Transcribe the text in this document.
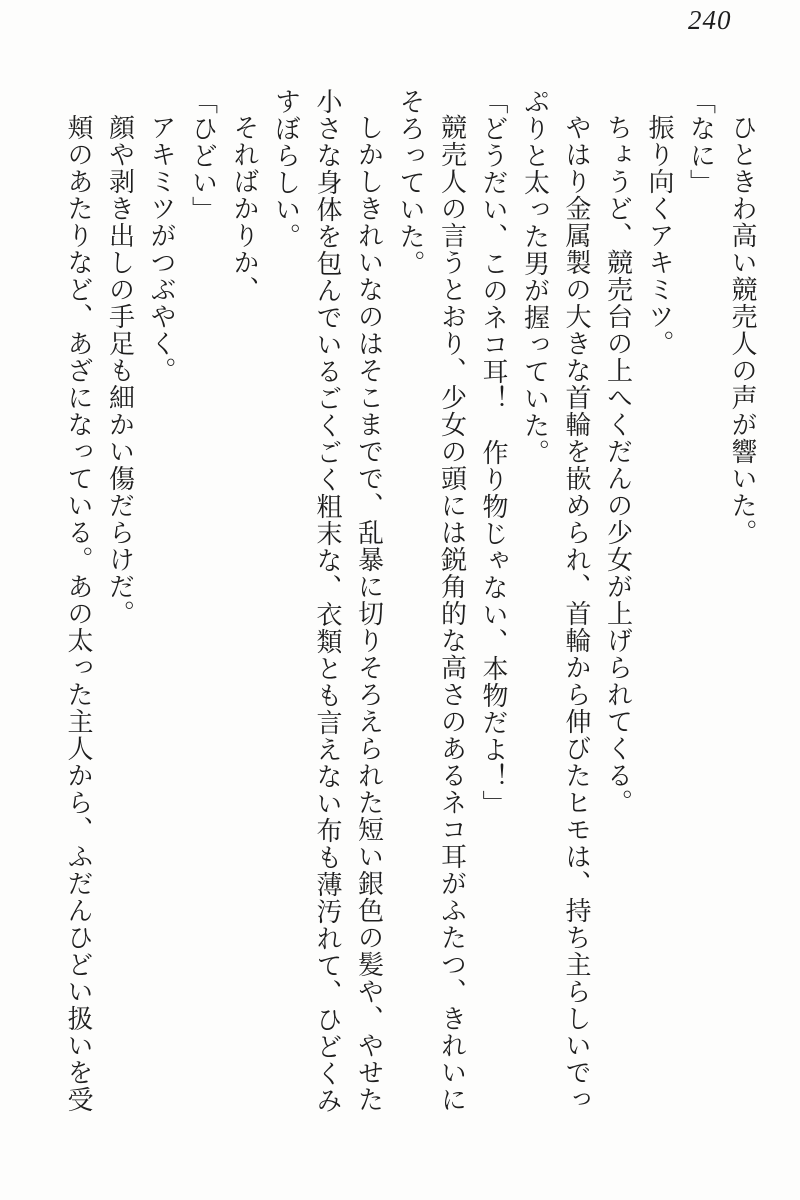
240

ひときわ高い競売人の声が響いた。

「なに」

振り向くアキミツ。

ちょうど、競売台の上へくだんの少女が上げられてくる。

やはり金属製の大きな首輪を嵌められ、首輪から伸びたヒモは、持ち主らしいでっぷりと太った男が握っていた。

「どうだい、このネコ耳！　作り物じゃない、本物だよ！」

競売人の言うとおり、少女の頭には鋭角的な高さのあるネコ耳がふたつ、きれいにそろっていた。

しかしきれいなのはそこまでで、乱暴に切りそろえられた短い銀色の髪や、やせた小さな身体を包んでいるごくごく粗末な、衣類とも言えない布も薄汚れて、ひどくみすぼらしい。

そればかりか、

「ひどい」

アキミツがつぶやく。

顔や剥き出しの手足も細かい傷だらけだ。

頬のあたりなど、あざになっている。あの太った主人から、ふだんひどい扱いを受
